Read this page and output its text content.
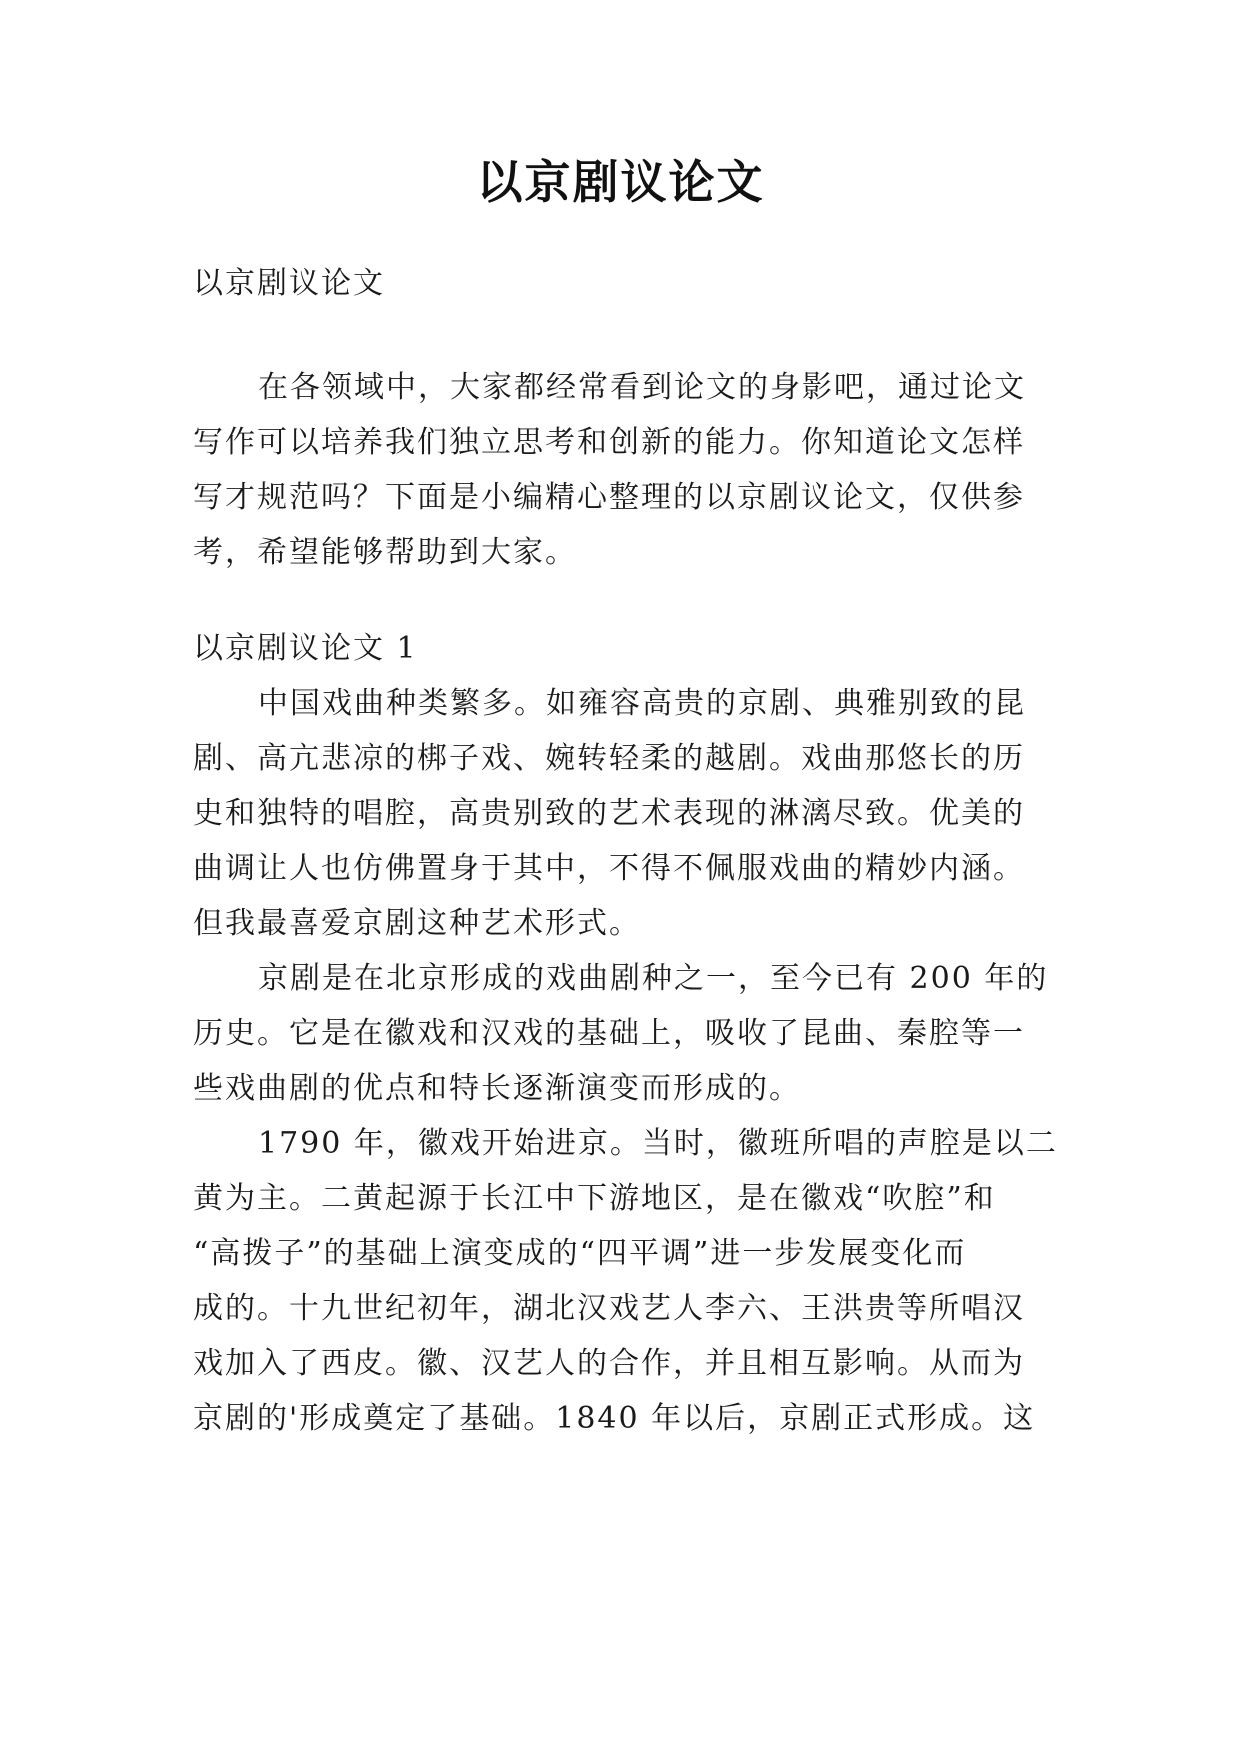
以京剧议论文

以京剧议论文

在各领域中，大家都经常看到论文的身影吧，通过论文

写作可以培养我们独立思考和创新的能力。你知道论文怎样

写才规范吗？下面是小编精心整理的以京剧议论文，仅供参

考，希望能够帮助到大家。

以京剧议论文 1

中国戏曲种类繁多。如雍容高贵的京剧、典雅别致的昆

剧、高亢悲凉的梆子戏、婉转轻柔的越剧。戏曲那悠长的历

史和独特的唱腔，高贵别致的艺术表现的淋漓尽致。优美的

曲调让人也仿佛置身于其中，不得不佩服戏曲的精妙内涵。

但我最喜爱京剧这种艺术形式。

京剧是在北京形成的戏曲剧种之一，至今已有 200 年的

历史。它是在徽戏和汉戏的基础上，吸收了昆曲、秦腔等一

些戏曲剧的优点和特长逐渐演变而形成的。

1790 年，徽戏开始进京。当时，徽班所唱的声腔是以二

黄为主。二黄起源于长江中下游地区，是在徽戏“吹腔”和

“高拨子”的基础上演变成的“四平调”进一步发展变化而

成的。十九世纪初年，湖北汉戏艺人李六、王洪贵等所唱汉

戏加入了西皮。徽、汉艺人的合作，并且相互影响。从而为

京剧的'形成奠定了基础。1840 年以后，京剧正式形成。这
